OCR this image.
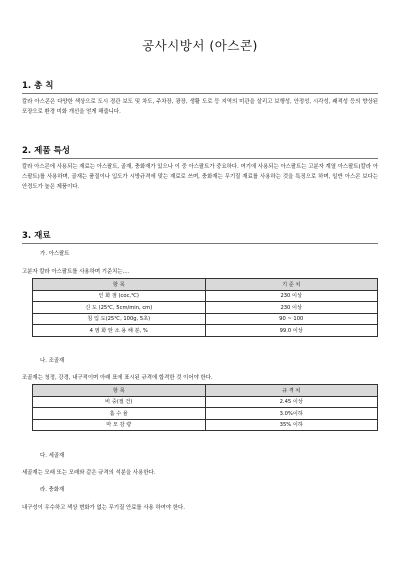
공사시방서 (아스콘)
1. 총 칙
칼라 아스콘은 다양한 색상으로 도시 경관 보도 및 차도, 주차장, 광장, 생활 도로 등 지역의 미관을 살리고 보행성, 안정성, 시각성, 쾌적성 등의 향상된 포장으로 환경 미화 개선을 얻게 해줍니다.
2. 제품 특성
칼라 아스콘에 사용되는 재료는 아스팔트, 골재, 충화재가 있으나 이 중 아스팔트가 중요하다. 여기에 사용되는 아스팔트는 고분자 계열 아스팔트(칼라 아스팔트)를 사용하며, 골재는 품질이나 입도가 시방규격에 맞는 재료로 쓰며, 충화재는 무기질 재료를 사용하는 것을 특징으로 하며, 일반 아스콘 보다는 안정도가 높은 제품이다.
3. 재료
가. 아스팔트
고분자 칼라 아스팔트를 사용하며 기준치는....
항 목	기 준 치
인 화 점 (coc,℃)	230 이상
신 도 (25℃, 5cm/min, cm)	230 이상
침 입 도(25℃, 100g, 5초)	90 ~ 100
4 염 화 탄 소 용 해 분, %	99.0 이상
나. 조골재
조골재는 청정, 강경, 내구적이며 아래 표에 표시된 규격에 합격한 것 이어야 한다.
항 목	규 격 치
비 중(절 건)	2.45 이상
흡 수 율	3.0%이하
마 모 감 량	35% 이하
다. 세골재
세골재는 모래 또는 모래와 같은 규격의 석분을 사용한다.
라. 충화재
내구성이 우수하고 색상 변화가 없는 무기질 안료를 사용 하여야 한다.
